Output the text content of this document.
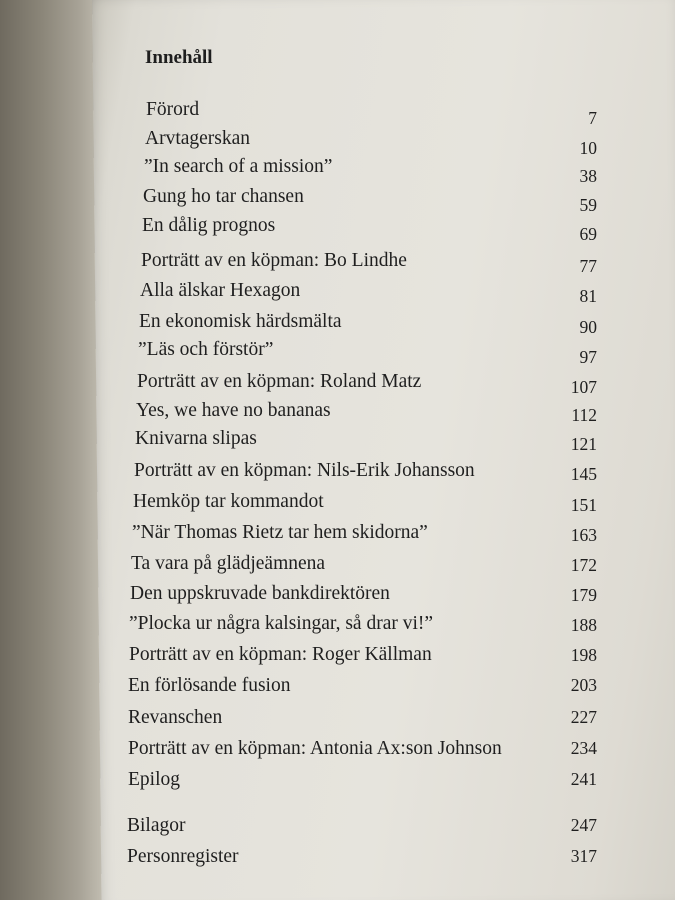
Innehåll
Förord	7
Arvtagerskan	10
”In search of a mission”	38
Gung ho tar chansen	59
En dålig prognos	69
Porträtt av en köpman: Bo Lindhe	77
Alla älskar Hexagon	81
En ekonomisk härdsmälta	90
”Läs och förstör”	97
Porträtt av en köpman: Roland Matz	107
Yes, we have no bananas	112
Knivarna slipas	121
Porträtt av en köpman: Nils-Erik Johansson	145
Hemköp tar kommandot	151
”När Thomas Rietz tar hem skidorna”	163
Ta vara på glädjeämnena	172
Den uppskruvade bankdirektören	179
”Plocka ur några kalsingar, så drar vi!”	188
Porträtt av en köpman: Roger Källman	198
En förlösande fusion	203
Revanschen	227
Porträtt av en köpman: Antonia Ax:son Johnson	234
Epilog	241
Bilagor	247
Personregister	317
